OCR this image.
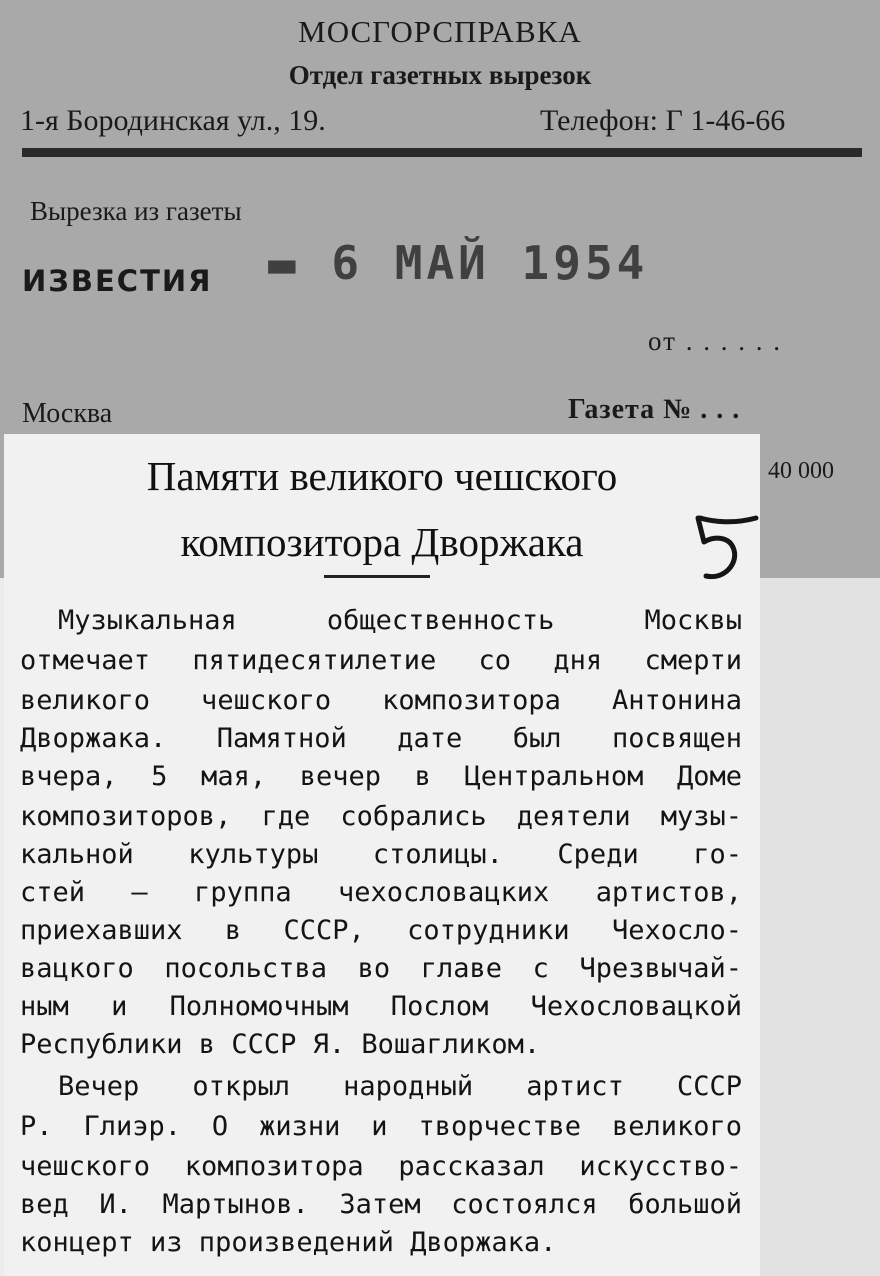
МОСГОРСПРАВКА
Отдел газетных вырезок
1-я Бородинская ул., 19.	Телефон: Г 1-46-66
Вырезка из газеты
ИЗВЕСТИЯ ▬ 6 МАЙ 1954
от . . . . . .
Москва	Газета № . . .
40 000
Памяти великого чешского
композитора Дворжака
Музыкальная общественность Москвы
отмечает пятидесятилетие со дня смерти
великого чешского композитора Антонина
Дворжака. Памятной дате был посвящен
вчера, 5 мая, вечер в Центральном Доме
композиторов, где собрались деятели музы-
кальной культуры столицы. Среди го-
стей — группа чехословацких артистов,
приехавших в СССР, сотрудники Чехосло-
вацкого посольства во главе с Чрезвычай-
ным и Полномочным Послом Чехословацкой
Республики в СССР Я. Вошагликом.
Вечер открыл народный артист СССР
Р. Глиэр. О жизни и творчестве великого
чешского композитора рассказал искусство-
вед И. Мартынов. Затем состоялся большой
концерт из произведений Дворжака.
